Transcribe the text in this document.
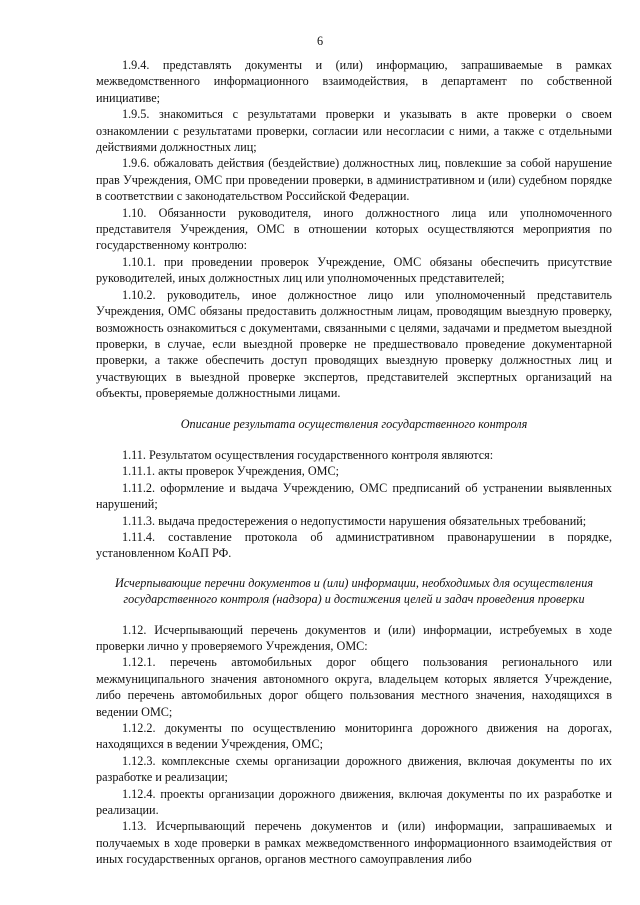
6

1.9.4. представлять документы и (или) информацию, запрашиваемые в рамках межведомственного информационного взаимодействия, в департамент по собственной инициативе;

1.9.5. знакомиться с результатами проверки и указывать в акте проверки о своем ознакомлении с результатами проверки, согласии или несогласии с ними, а также с отдельными действиями должностных лиц;

1.9.6. обжаловать действия (бездействие) должностных лиц, повлекшие за собой нарушение прав Учреждения, ОМС при проведении проверки, в административном и (или) судебном порядке в соответствии с законодательством Российской Федерации.

1.10. Обязанности руководителя, иного должностного лица или уполномоченного представителя Учреждения, ОМС в отношении которых осуществляются мероприятия по государственному контролю:

1.10.1. при проведении проверок Учреждение, ОМС обязаны обеспечить присутствие руководителей, иных должностных лиц или уполномоченных представителей;

1.10.2. руководитель, иное должностное лицо или уполномоченный представитель Учреждения, ОМС обязаны предоставить должностным лицам, проводящим выездную проверку, возможность ознакомиться с документами, связанными с целями, задачами и предметом выездной проверки, в случае, если выездной проверке не предшествовало проведение документарной проверки, а также обеспечить доступ проводящих выездную проверку должностных лиц и участвующих в выездной проверке экспертов, представителей экспертных организаций на объекты, проверяемые должностными лицами.

Описание результата осуществления государственного контроля

1.11. Результатом осуществления государственного контроля являются:

1.11.1. акты проверок Учреждения, ОМС;

1.11.2. оформление и выдача Учреждению, ОМС предписаний об устранении выявленных нарушений;

1.11.3. выдача предостережения о недопустимости нарушения обязательных требований;

1.11.4. составление протокола об административном правонарушении в порядке, установленном КоАП РФ.

Исчерпывающие перечни документов и (или) информации, необходимых для осуществления государственного контроля (надзора) и достижения целей и задач проведения проверки

1.12. Исчерпывающий перечень документов и (или) информации, истребуемых в ходе проверки лично у проверяемого Учреждения, ОМС:

1.12.1. перечень автомобильных дорог общего пользования регионального или межмуниципального значения автономного округа, владельцем которых является Учреждение, либо перечень автомобильных дорог общего пользования местного значения, находящихся в ведении ОМС;

1.12.2. документы по осуществлению мониторинга дорожного движения на дорогах, находящихся в ведении Учреждения, ОМС;

1.12.3. комплексные схемы организации дорожного движения, включая документы по их разработке и реализации;

1.12.4. проекты организации дорожного движения, включая документы по их разработке и реализации.

1.13. Исчерпывающий перечень документов и (или) информации, запрашиваемых и получаемых в ходе проверки в рамках межведомственного информационного взаимодействия от иных государственных органов, органов местного самоуправления либо
